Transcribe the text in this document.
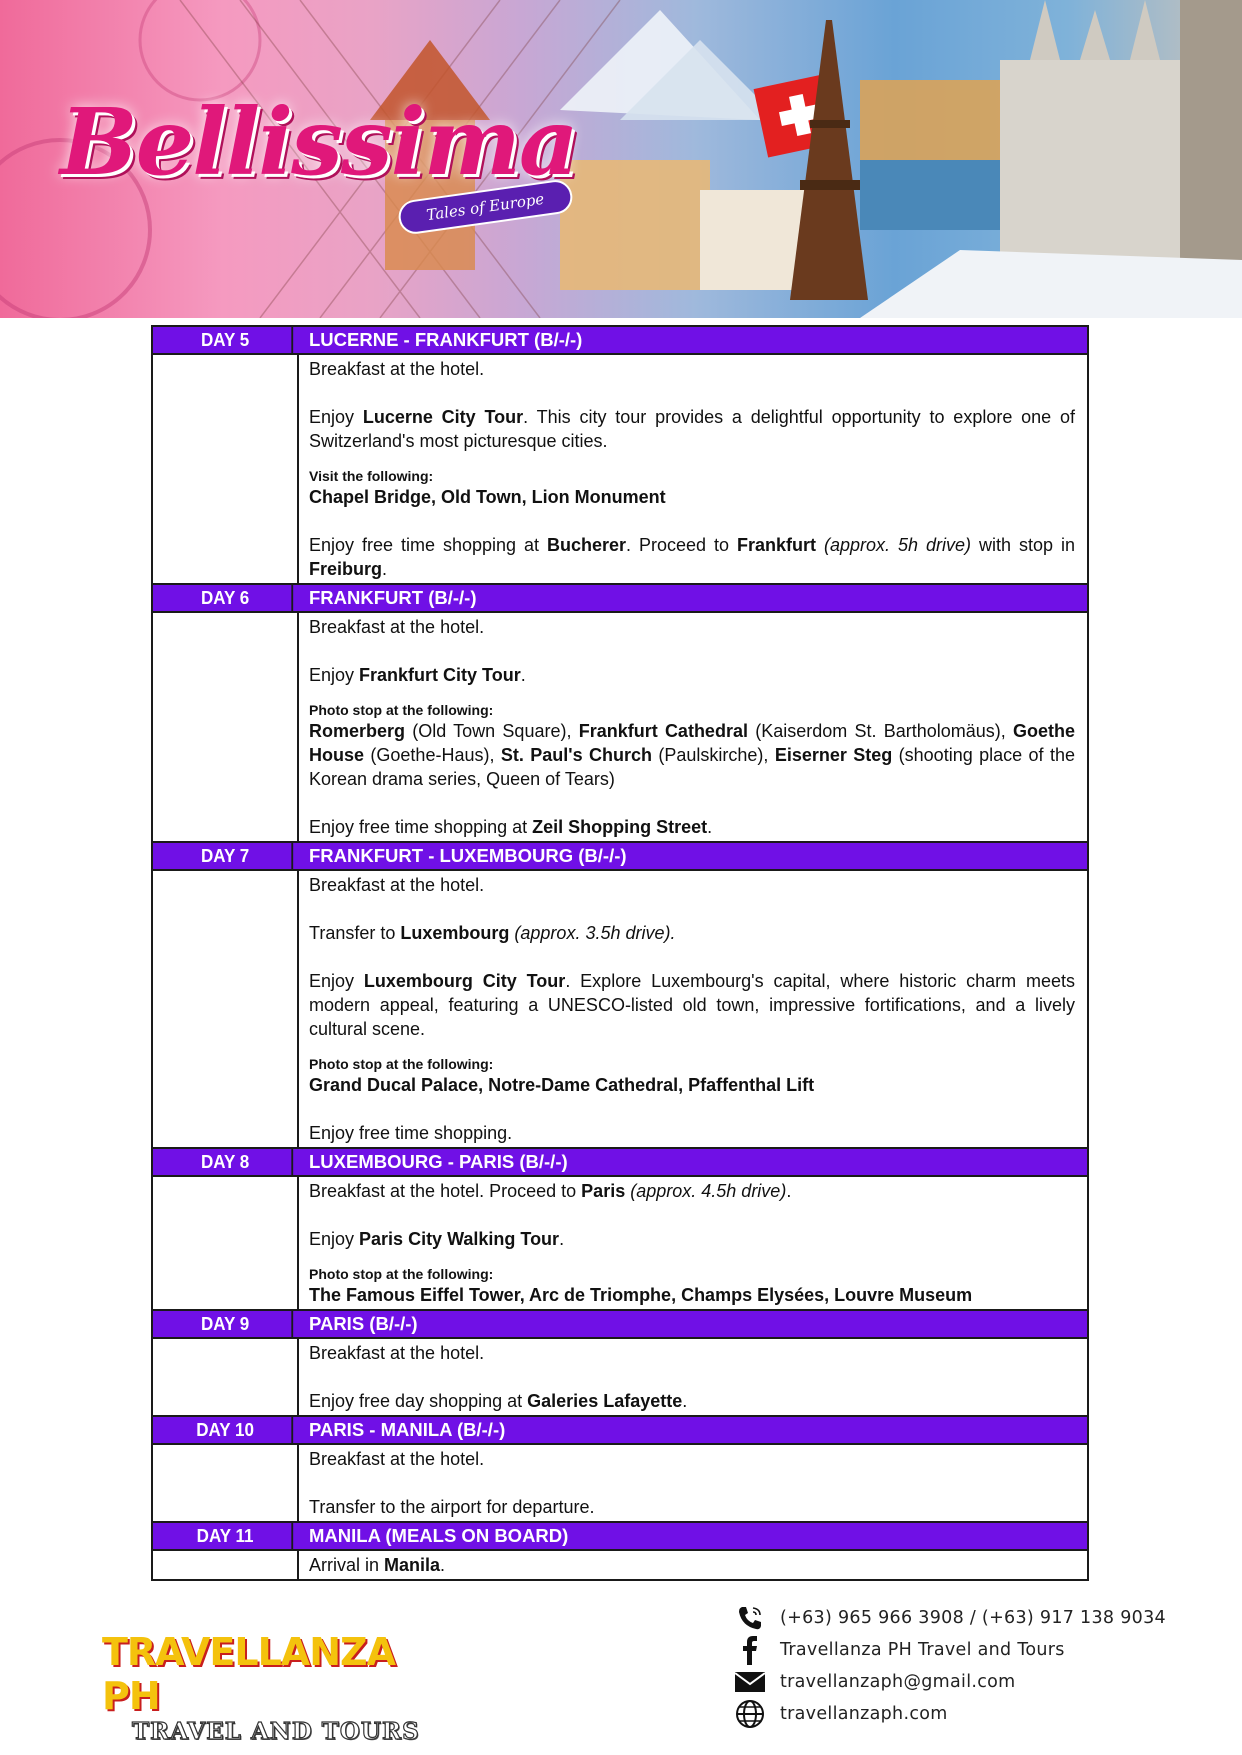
Bellissima
Tales of Europe
DAY 5	LUCERNE - FRANKFURT (B/-/-)

Breakfast at the hotel.

Enjoy Lucerne City Tour. This city tour provides a delightful opportunity to explore one of Switzerland's most picturesque cities.

Visit the following:

Chapel Bridge, Old Town, Lion Monument

Enjoy free time shopping at Bucherer. Proceed to Frankfurt (approx. 5h drive) with stop in Freiburg.

DAY 6	FRANKFURT (B/-/-)

Breakfast at the hotel.

Enjoy Frankfurt City Tour.

Photo stop at the following:

Romerberg (Old Town Square), Frankfurt Cathedral (Kaiserdom St. Bartholomäus), Goethe House (Goethe-Haus), St. Paul's Church (Paulskirche), Eiserner Steg (shooting place of the Korean drama series, Queen of Tears)

Enjoy free time shopping at Zeil Shopping Street.

DAY 7	FRANKFURT - LUXEMBOURG (B/-/-)

Breakfast at the hotel.

Transfer to Luxembourg (approx. 3.5h drive).

Enjoy Luxembourg City Tour. Explore Luxembourg's capital, where historic charm meets modern appeal, featuring a UNESCO-listed old town, impressive fortifications, and a lively cultural scene.

Photo stop at the following:

Grand Ducal Palace, Notre-Dame Cathedral, Pfaffenthal Lift

Enjoy free time shopping.

DAY 8	LUXEMBOURG - PARIS (B/-/-)

Breakfast at the hotel. Proceed to Paris (approx. 4.5h drive).

Enjoy Paris City Walking Tour.

Photo stop at the following:

The Famous Eiffel Tower, Arc de Triomphe, Champs Elysées, Louvre Museum

DAY 9	PARIS (B/-/-)

Breakfast at the hotel.

Enjoy free day shopping at Galeries Lafayette.

DAY 10	PARIS - MANILA (B/-/-)

Breakfast at the hotel.

Transfer to the airport for departure.

DAY 11	MANILA (MEALS ON BOARD)

Arrival in Manila.

TRAVELLANZA PH
TRAVEL AND TOURS
(+63) 965 966 3908 / (+63) 917 138 9034
Travellanza PH Travel and Tours
travellanzaph@gmail.com
travellanzaph.com
